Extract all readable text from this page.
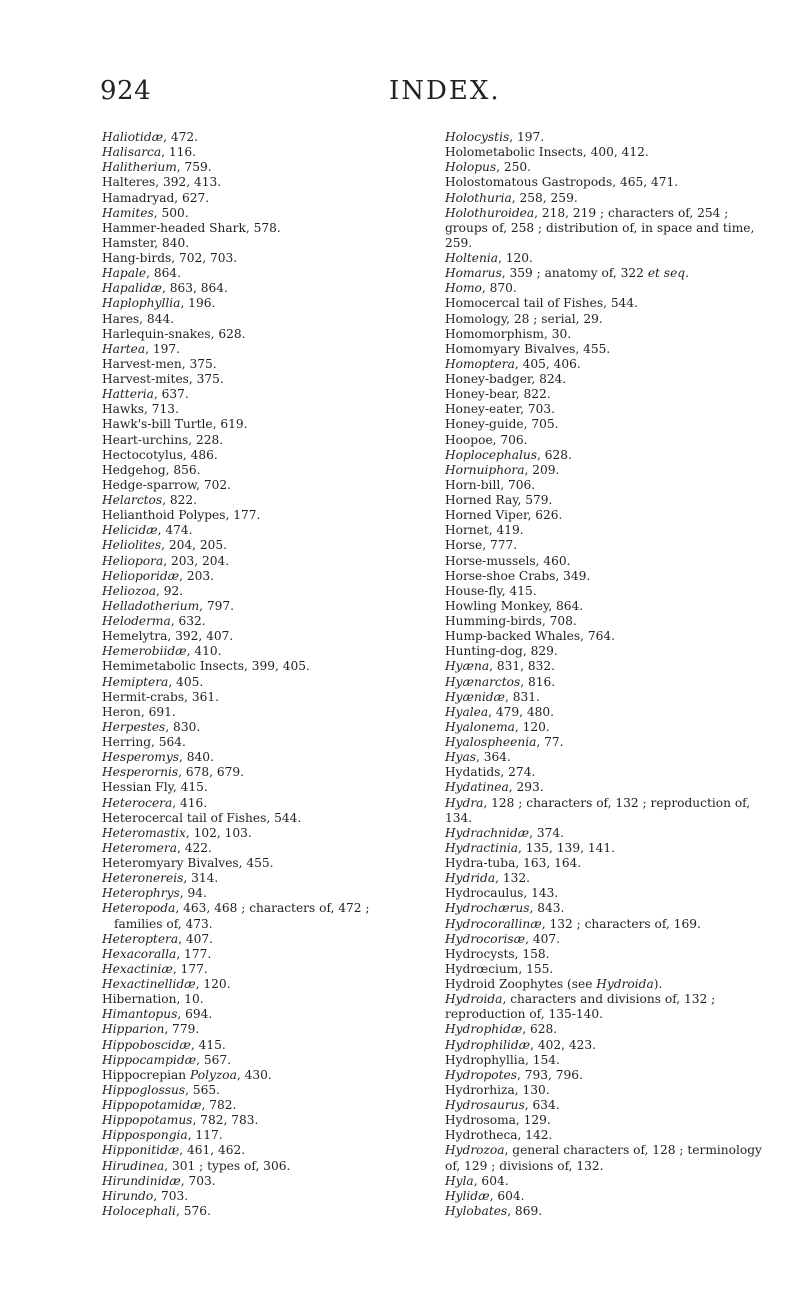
924	INDEX.
Haliotidæ, 472.
Halisarca, 116.
Halitherium, 759.
Halteres, 392, 413.
Hamadryad, 627.
Hamites, 500.
Hammer-headed Shark, 578.
Hamster, 840.
Hang-birds, 702, 703.
Hapale, 864.
Hapalidæ, 863, 864.
Haplophyllia, 196.
Hares, 844.
Harlequin-snakes, 628.
Hartea, 197.
Harvest-men, 375.
Harvest-mites, 375.
Hatteria, 637.
Hawks, 713.
Hawk's-bill Turtle, 619.
Heart-urchins, 228.
Hectocotylus, 486.
Hedgehog, 856.
Hedge-sparrow, 702.
Helarctos, 822.
Helianthoid Polypes, 177.
Helicidæ, 474.
Heliolites, 204, 205.
Heliopora, 203, 204.
Helioporidæ, 203.
Heliozoa, 92.
Helladotherium, 797.
Heloderma, 632.
Hemelytra, 392, 407.
Hemerobiidæ, 410.
Hemimetabolic Insects, 399, 405.
Hemiptera, 405.
Hermit-crabs, 361.
Heron, 691.
Herpestes, 830.
Herring, 564.
Hesperomys, 840.
Hesperornis, 678, 679.
Hessian Fly, 415.
Heterocera, 416.
Heterocercal tail of Fishes, 544.
Heteromastix, 102, 103.
Heteromera, 422.
Heteromyary Bivalves, 455.
Heteronereis, 314.
Heterophrys, 94.
Heteropoda, 463, 468 ; characters of, 472 ;
families of, 473.
Heteroptera, 407.
Hexacoralla, 177.
Hexactiniæ, 177.
Hexactinellidæ, 120.
Hibernation, 10.
Himantopus, 694.
Hipparion, 779.
Hippoboscidæ, 415.
Hippocampidæ, 567.
Hippocrepian Polyzoa, 430.
Hippoglossus, 565.
Hippopotamidæ, 782.
Hippopotamus, 782, 783.
Hippospongia, 117.
Hipponitidæ, 461, 462.
Hirudinea, 301 ; types of, 306.
Hirundinidæ, 703.
Hirundo, 703.
Holocephali, 576.
Holocystis, 197.
Holometabolic Insects, 400, 412.
Holopus, 250.
Holostomatous Gastropods, 465, 471.
Holothuria, 258, 259.
Holothuroidea, 218, 219 ; characters of, 254 ; groups of, 258 ; distribution of, in space and time, 259.
Holtenia, 120.
Homarus, 359 ; anatomy of, 322 et seq.
Homo, 870.
Homocercal tail of Fishes, 544.
Homology, 28 ; serial, 29.
Homomorphism, 30.
Homomyary Bivalves, 455.
Homoptera, 405, 406.
Honey-badger, 824.
Honey-bear, 822.
Honey-eater, 703.
Honey-guide, 705.
Hoopoe, 706.
Hoplocephalus, 628.
Hornuiphora, 209.
Horn-bill, 706.
Horned Ray, 579.
Horned Viper, 626.
Hornet, 419.
Horse, 777.
Horse-mussels, 460.
Horse-shoe Crabs, 349.
House-fly, 415.
Howling Monkey, 864.
Humming-birds, 708.
Hump-backed Whales, 764.
Hunting-dog, 829.
Hyæna, 831, 832.
Hyænarctos, 816.
Hyænidæ, 831.
Hyalea, 479, 480.
Hyalonema, 120.
Hyalospheenia, 77.
Hyas, 364.
Hydatids, 274.
Hydatinea, 293.
Hydra, 128 ; characters of, 132 ; reproduction of, 134.
Hydrachnidæ, 374.
Hydractinia, 135, 139, 141.
Hydra-tuba, 163, 164.
Hydrida, 132.
Hydrocaulus, 143.
Hydrochærus, 843.
Hydrocorallinæ, 132 ; characters of, 169.
Hydrocorisæ, 407.
Hydrocysts, 158.
Hydrœcium, 155.
Hydroid Zoophytes (see Hydroida).
Hydroida, characters and divisions of, 132 ; reproduction of, 135-140.
Hydrophidæ, 628.
Hydrophilidæ, 402, 423.
Hydrophyllia, 154.
Hydropotes, 793, 796.
Hydrorhiza, 130.
Hydrosaurus, 634.
Hydrosoma, 129.
Hydrotheca, 142.
Hydrozoa, general characters of, 128 ; terminology of, 129 ; divisions of, 132.
Hyla, 604.
Hylidæ, 604.
Hylobates, 869.
